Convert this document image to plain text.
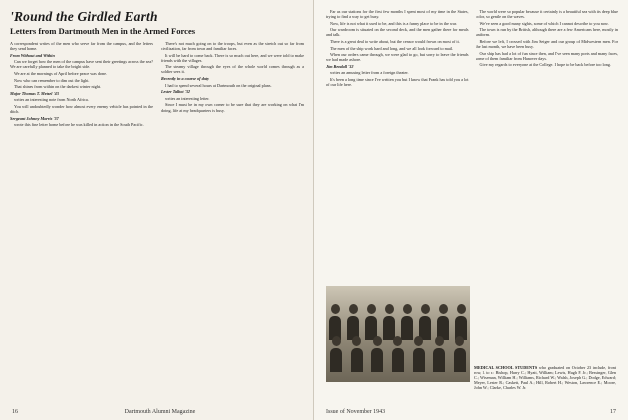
'Round the Girdled Earth
Letters from Dartmouth Men in the Armed Forces

A correspondent writes of the men who serve far from the campus, and the letters they send home.

From Without and Within

Can we forget how the men of the campus have sent their greetings across the sea? We are carefully planned to take the bright side.

We are at the mornings of April before peace was done.

Now who can remember to dim out the light.

That shines from within on the darkest winter night.

Major Thomas T. Metzel '43

writes an interesting note from North Africa.

You will undoubtedly wonder how almost every enemy vehicle has pointed in the ditch.

Sergeant Johnny Morris '37

wrote this fine letter home before he was killed in action in the South Pacific.

There's not much going on to the troops, but even as the stretch out so far from civilization, far from town and familiar faces.

It will be hard to come back. There is so much out here, and we were told to make friends with the villages.

The steamy village through the eyes of the whole world comes through as a soldier sees it.

Recently in a course of duty

I had to spend several hours at Dartmouth on the original plans.

Lester Talbot '32

writes an interesting letter.

Since I must be in my own corner to be sure that they are working on what I'm doing, life at my headquarters is busy.

16	Dartmouth Alumni Magazine

Far as our stations for the first few months I spent most of my time in the States, trying to find a way to get busy.

Now, life is not what it used to be, and this is a funny place to be in the war.

Our wardroom is situated on the second deck, and the men gather there for meals and talk.

There is a great deal to write about, but the censor would frown on most of it.

The men of the ship work hard and long, and we all look forward to mail.

When our orders came through, we were glad to go, but sorry to leave the friends we had made ashore.

Jim Bendall '32

writes an amusing letter from a foreign theater.

It's been a long time since I've written you but I know that Frank has told you a lot of our life here.

The world were so popular because it certainly is a beautiful sea with its deep blue color, so gentle on the waves.

We've seen a good many sights, some of which I cannot describe to you now.

The town is run by the British, although there are a few Americans here, mostly in uniform.

Before we left, I crossed with Jim Seiger and our group of Midwestern men. For the last month, we have been busy.

Our ship has had a lot of fun since then, and I've seen many ports and many faces, some of them familiar from Hanover days.

Give my regards to everyone at the College. I hope to be back before too long.

MEDICAL SCHOOL STUDENTS who graduated on October 23 include, front row, l. to r.: Bishop, Harry C.; Hyatt, William; Lewis, Hugh F. Jr.; Bessinger, Glen C.; Wiseman, William H.; Williams, Richard W.; Walsh, Joseph G.; Dodge, Edward; Meyer, Lester R.; Caskett, Paul A.; Hill, Robert H.; Weston, Lawrence E.; Moore, John W.; Clarke, Charles W. Jr.
Issue of November 1943	17
